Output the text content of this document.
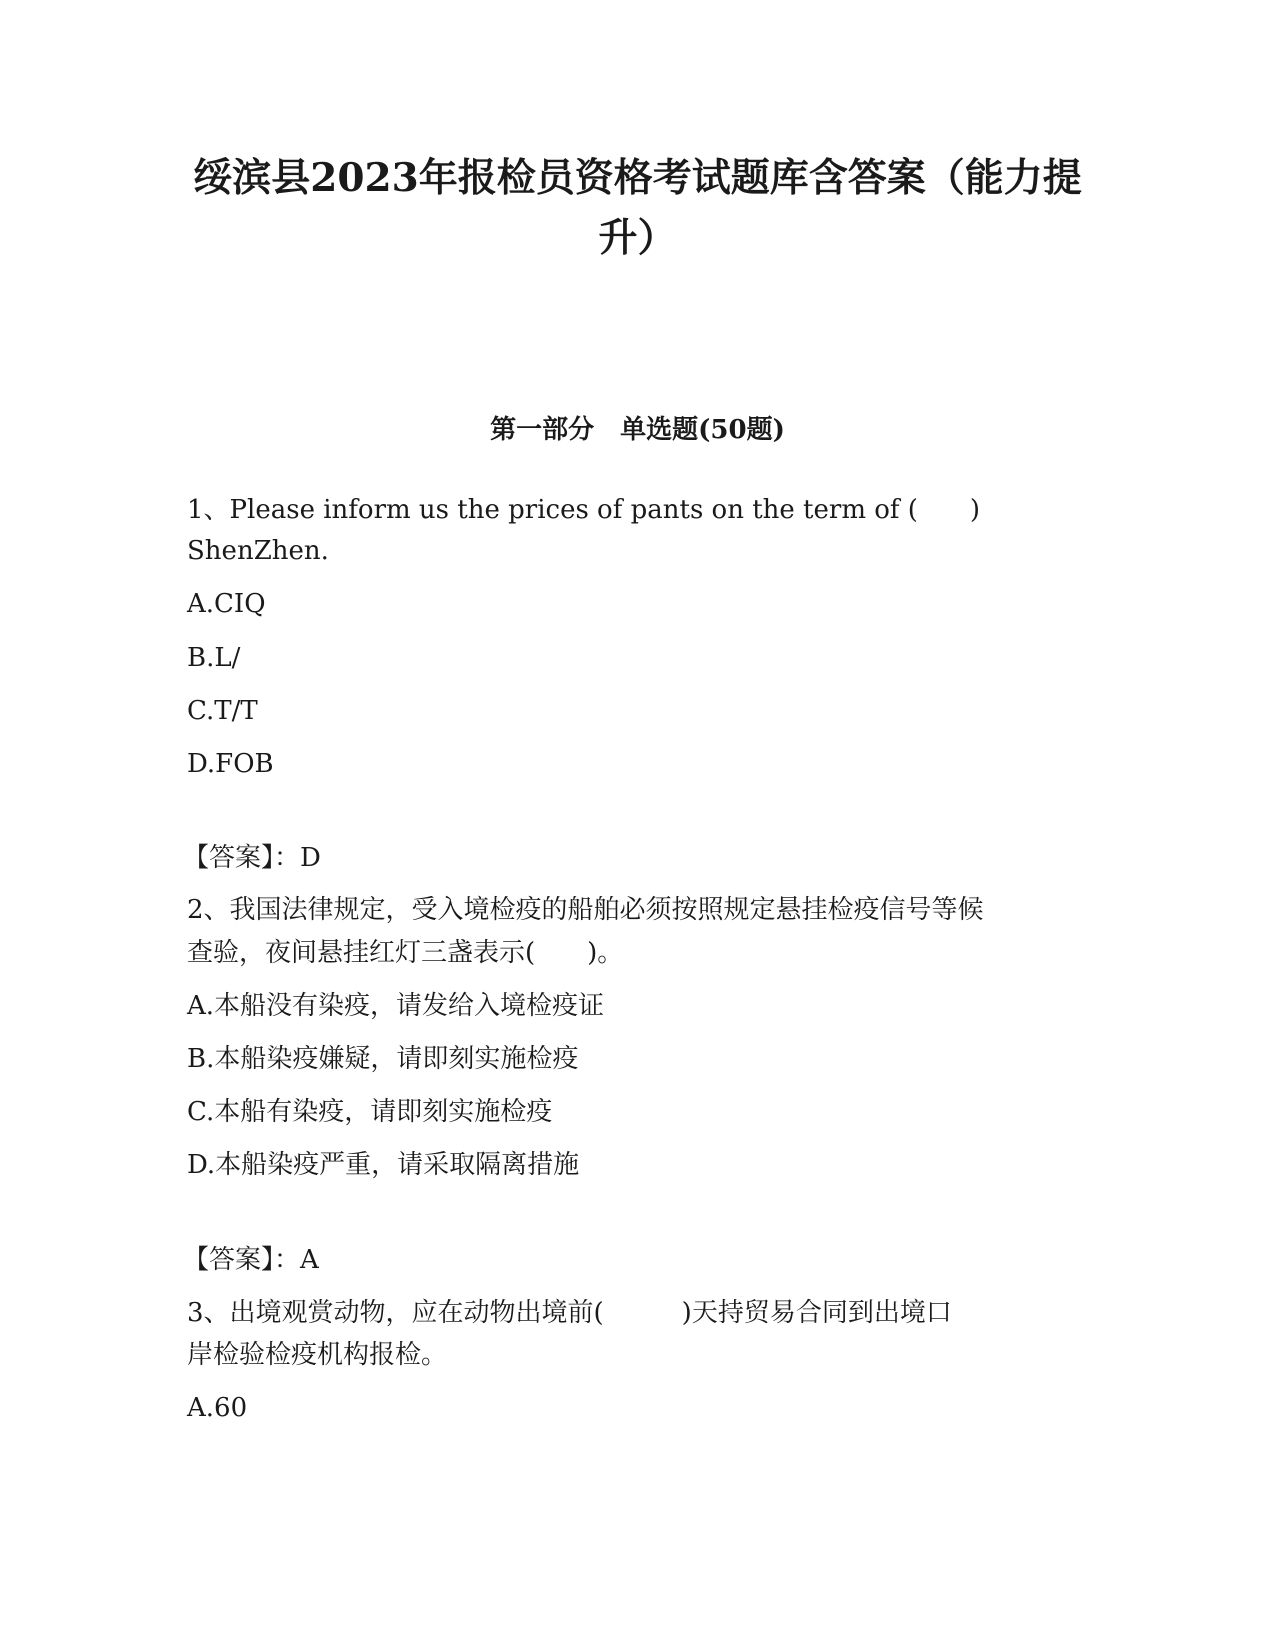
绥滨县2023年报检员资格考试题库含答案（能力提升）
第一部分　单选题(50题)
1、Please inform us the prices of pants on the term of (　　)
ShenZhen.
A.CIQ
B.L/
C.T/T
D.FOB
【答案】：D
2、我国法律规定，受入境检疫的船舶必须按照规定悬挂检疫信号等候
查验，夜间悬挂红灯三盏表示(　　)。
A.本船没有染疫，请发给入境检疫证
B.本船染疫嫌疑，请即刻实施检疫
C.本船有染疫，请即刻实施检疫
D.本船染疫严重，请采取隔离措施
【答案】：A
3、出境观赏动物，应在动物出境前(　　　)天持贸易合同到出境口
岸检验检疫机构报检。
A.60
